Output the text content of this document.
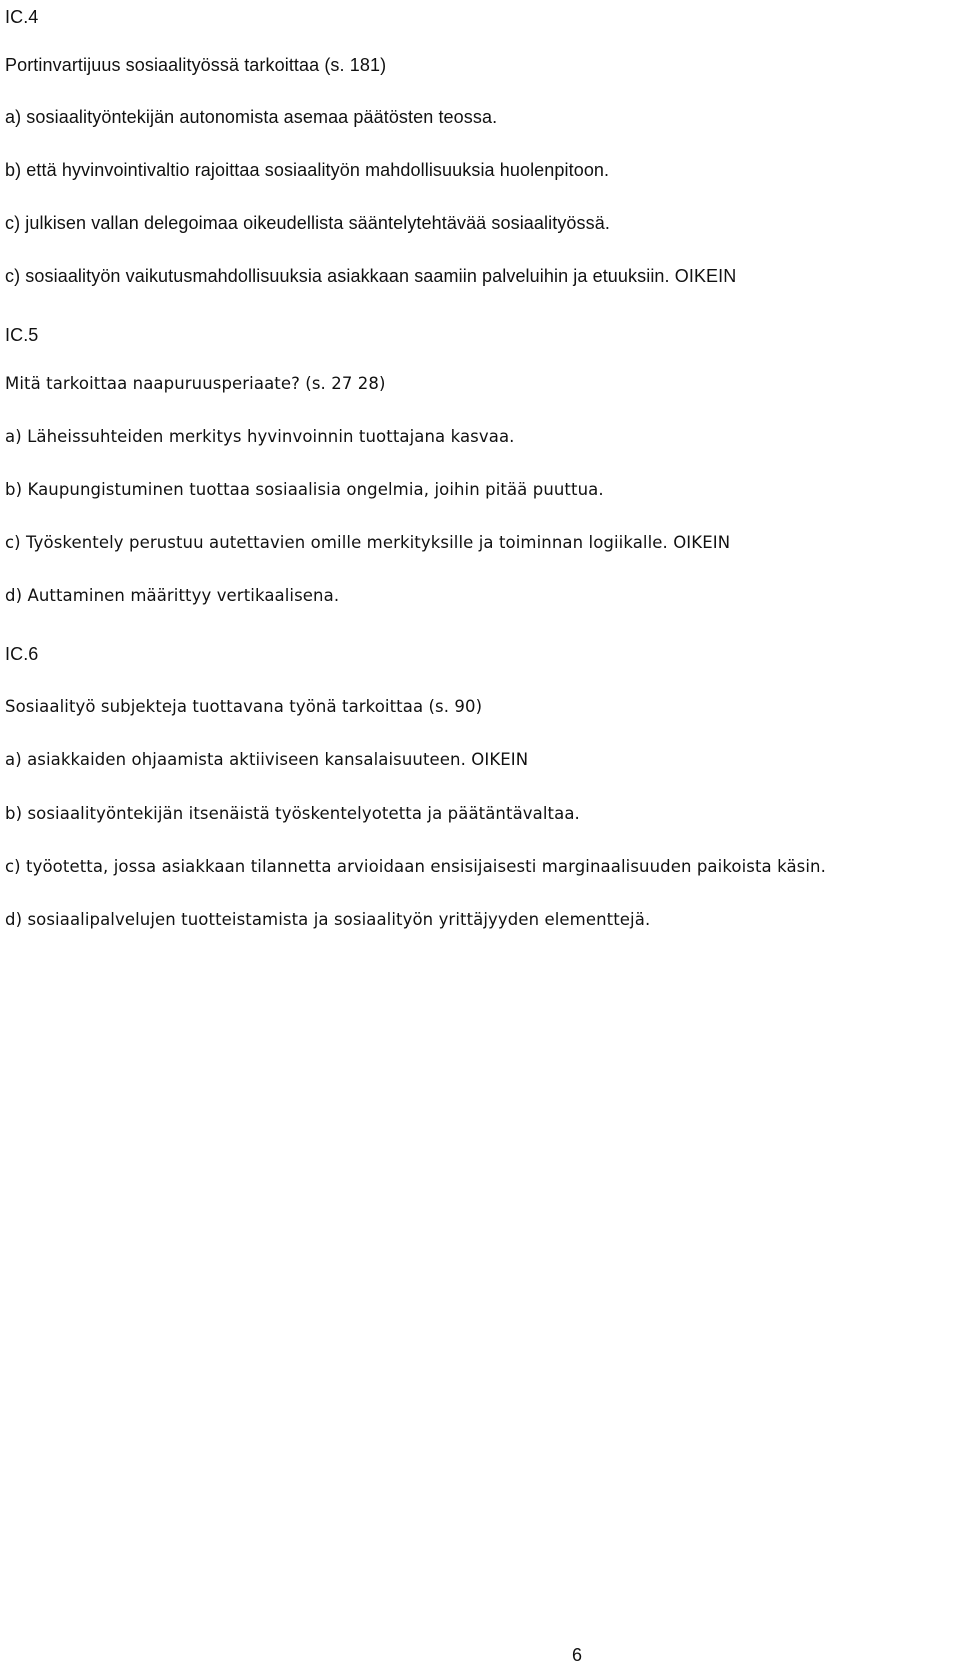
IC.4
Portinvartijuus sosiaalityössä tarkoittaa (s. 181)
a) sosiaalityöntekijän autonomista asemaa päätösten teossa.
b) että hyvinvointivaltio rajoittaa sosiaalityön mahdollisuuksia huolenpitoon.
c) julkisen vallan delegoimaa oikeudellista sääntelytehtävää sosiaalityössä.
c) sosiaalityön vaikutusmahdollisuuksia asiakkaan saamiin palveluihin ja etuuksiin. OIKEIN
IC.5
Mitä tarkoittaa naapuruusperiaate? (s. 27 28)
a) Läheissuhteiden merkitys hyvinvoinnin tuottajana kasvaa.
b) Kaupungistuminen tuottaa sosiaalisia ongelmia, joihin pitää puuttua.
c) Työskentely perustuu autettavien omille merkityksille ja toiminnan logiikalle. OIKEIN
d) Auttaminen määrittyy vertikaalisena.
IC.6
Sosiaalityö subjekteja tuottavana työnä tarkoittaa (s. 90)
a) asiakkaiden ohjaamista aktiiviseen kansalaisuuteen. OIKEIN
b) sosiaalityöntekijän itsenäistä työskentelyotetta ja päätäntävaltaa.
c) työotetta, jossa asiakkaan tilannetta arvioidaan ensisijaisesti marginaalisuuden paikoista käsin.
d) sosiaalipalvelujen tuotteistamista ja sosiaalityön yrittäjyyden elementtejä.
6
